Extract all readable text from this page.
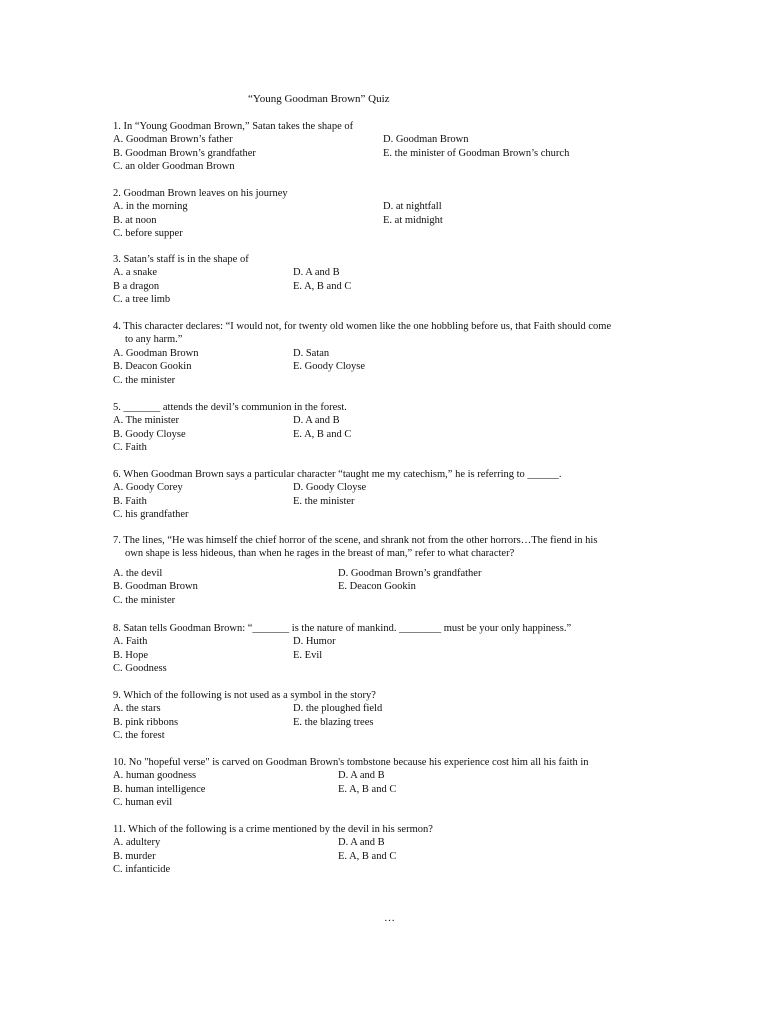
“Young Goodman Brown” Quiz
1. In “Young Goodman Brown,” Satan takes the shape of
A. Goodman Brown’s father	D. Goodman Brown
B. Goodman Brown’s grandfather	E. the minister of Goodman Brown’s church
C. an older Goodman Brown
2. Goodman Brown leaves on his journey
A. in the morning	D. at nightfall
B. at noon	E. at midnight
C. before supper
3. Satan’s staff is in the shape of
A. a snake	D. A and B
B a dragon	E. A, B and C
C. a tree limb
4. This character declares: “I would not, for twenty old women like the one hobbling before us, that Faith should come
to any harm.”
A. Goodman Brown	D. Satan
B. Deacon Gookin	E. Goody Cloyse
C. the minister
5. _______ attends the devil’s communion in the forest.
A. The minister	D. A and B
B. Goody Cloyse	E. A, B and C
C. Faith
6. When Goodman Brown says a particular character “taught me my catechism,” he is referring to ______.
A. Goody Corey	D. Goody Cloyse
B. Faith	E. the minister
C. his grandfather
7. The lines, “He was himself the chief horror of the scene, and shrank not from the other horrors…The fiend in his
own shape is less hideous, than when he rages in the breast of man,” refer to what character?
A. the devil	D. Goodman Brown’s grandfather
B. Goodman Brown	E. Deacon Gookin
C. the minister
8. Satan tells Goodman Brown: “_______ is the nature of mankind. ________ must be your only happiness.”
A. Faith	D. Humor
B. Hope	E. Evil
C. Goodness
9. Which of the following is not used as a symbol in the story?
A. the stars	D. the ploughed field
B. pink ribbons	E. the blazing trees
C. the forest
10. No "hopeful verse" is carved on Goodman Brown's tombstone because his experience cost him all his faith in
A. human goodness	D. A and B
B. human intelligence	E. A, B and C
C. human evil
11. Which of the following is a crime mentioned by the devil in his sermon?
A. adultery	D. A and B
B. murder	E. A, B and C
C. infanticide
…
